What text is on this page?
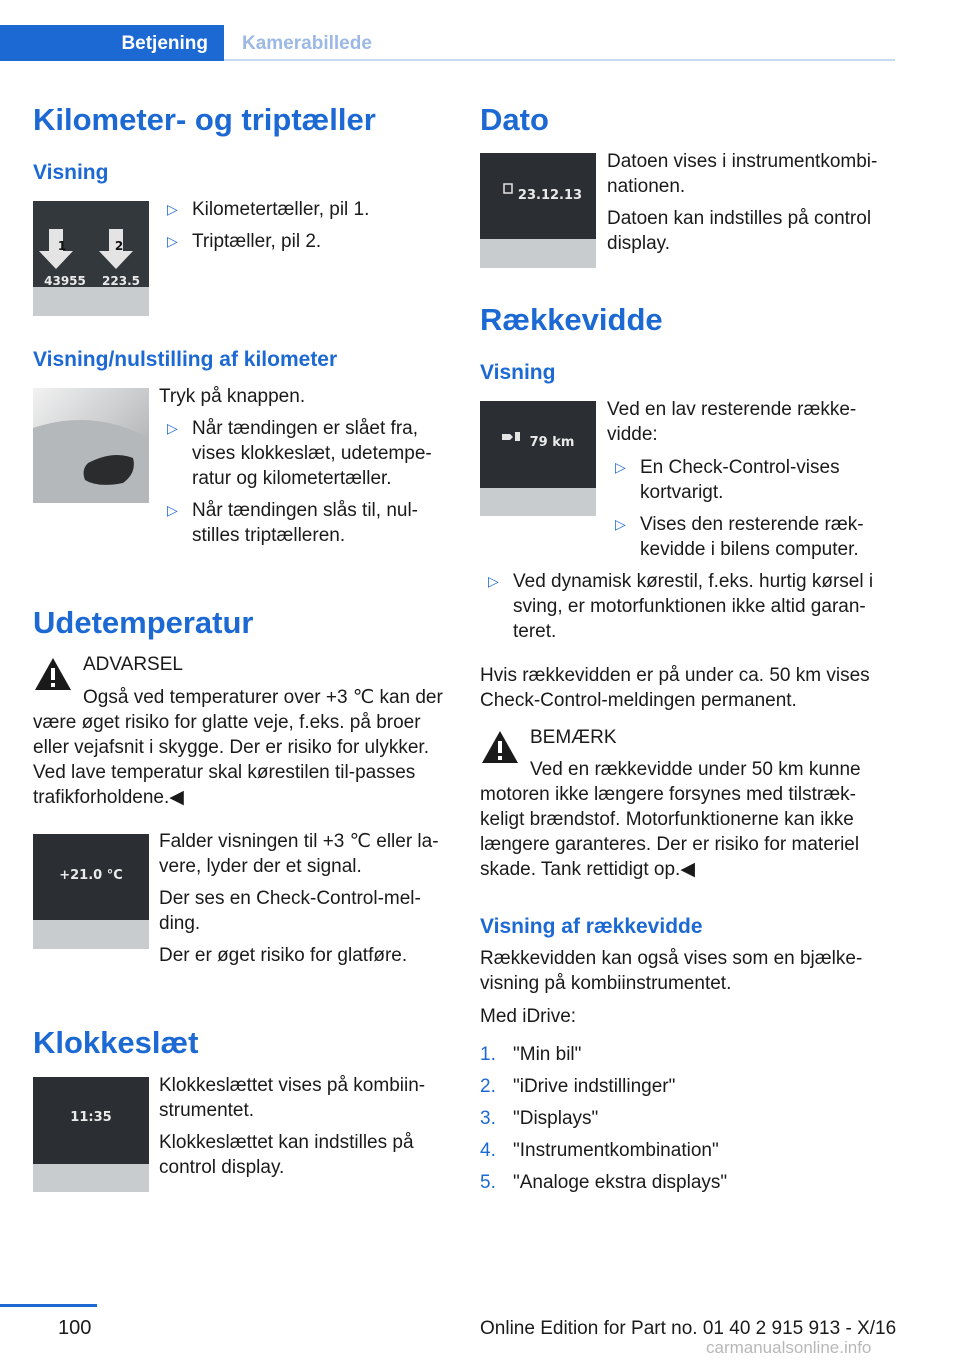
Betjening	Kamerabillede
Kilometer- og triptæller
Visning
1	2
43955	223.5
▷ Kilometertæller, pil 1.
▷ Triptæller, pil 2.
Visning/nulstilling af kilometer
Tryk på knappen.
▷ Når tændingen er slået fra, vises klokkeslæt, udetempe-ratur og kilometertæller.
▷ Når tændingen slås til, nul-stilles triptælleren.
Udetemperatur
ADVARSEL
Også ved temperaturer over +3 ℃ kan der være øget risiko for glatte veje, f.eks. på broer eller vejafsnit i skygge. Der er risiko for ulykker. Ved lave temperatur skal kørestilen til-passes trafikforholdene.◀
+21.0 °C
Falder visningen til +3 ℃ eller la-vere, lyder der et signal.
Der ses en Check-Control-mel-ding.
Der er øget risiko for glatføre.
Klokkeslæt
11:35
Klokkeslættet vises på kombiin-strumentet.
Klokkeslættet kan indstilles på control display.
Dato
23.12.13
Datoen vises i instrumentkombi-nationen.
Datoen kan indstilles på control display.
Rækkevidde
Visning
79 km
Ved en lav resterende række-vidde:
▷ En Check-Control-vises kortvarigt.
▷ Vises den resterende ræk-kevidde i bilens computer.
▷ Ved dynamisk kørestil, f.eks. hurtig kørsel i sving, er motorfunktionen ikke altid garan-teret.
Hvis rækkevidden er på under ca. 50 km vises Check-Control-meldingen permanent.
BEMÆRK
Ved en rækkevidde under 50 km kunne motoren ikke længere forsynes med tilstræk-keligt brændstof. Motorfunktionerne kan ikke længere garanteres. Der er risiko for materiel skade. Tank rettidigt op.◀
Visning af rækkevidde
Rækkevidden kan også vises som en bjælke-visning på kombiinstrumentet.
Med iDrive:
1. "Min bil"
2. "iDrive indstillinger"
3. "Displays"
4. "Instrumentkombination"
5. "Analoge ekstra displays"
100	Online Edition for Part no. 01 40 2 915 913 - X/16
carmanualsonline.info
